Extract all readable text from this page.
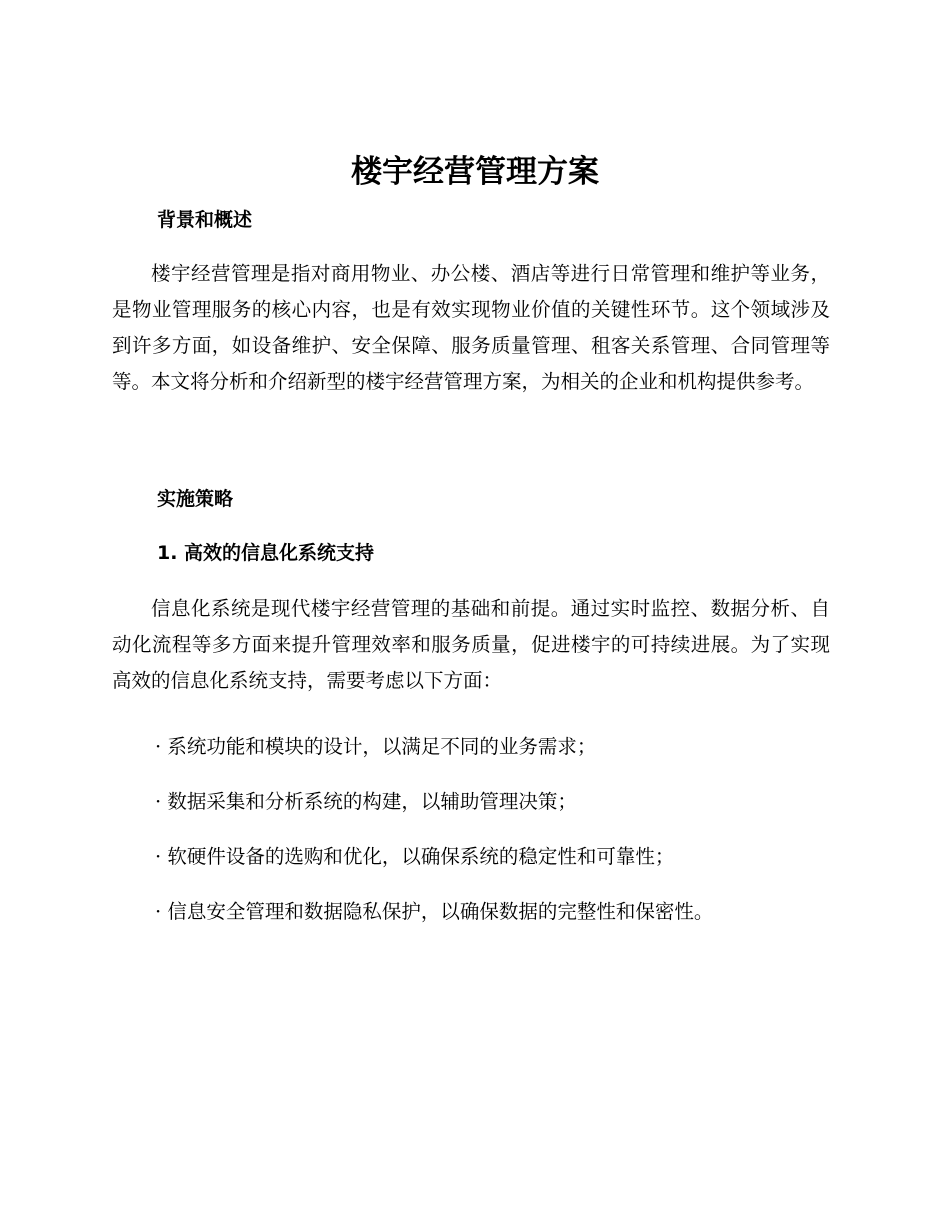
楼宇经营管理方案
背景和概述

楼宇经营管理是指对商用物业、办公楼、酒店等进行日常管理和维护等业务，是物业管理服务的核心内容，也是有效实现物业价值的关键性环节。这个领域涉及到许多方面，如设备维护、安全保障、服务质量管理、租客关系管理、合同管理等等。本文将分析和介绍新型的楼宇经营管理方案，为相关的企业和机构提供参考。

实施策略
1. 高效的信息化系统支持

信息化系统是现代楼宇经营管理的基础和前提。通过实时监控、数据分析、自动化流程等多方面来提升管理效率和服务质量，促进楼宇的可持续进展。为了实现高效的信息化系统支持，需要考虑以下方面：

· 系统功能和模块的设计，以满足不同的业务需求；

· 数据采集和分析系统的构建，以辅助管理决策；

· 软硬件设备的选购和优化，以确保系统的稳定性和可靠性；

· 信息安全管理和数据隐私保护，以确保数据的完整性和保密性。
